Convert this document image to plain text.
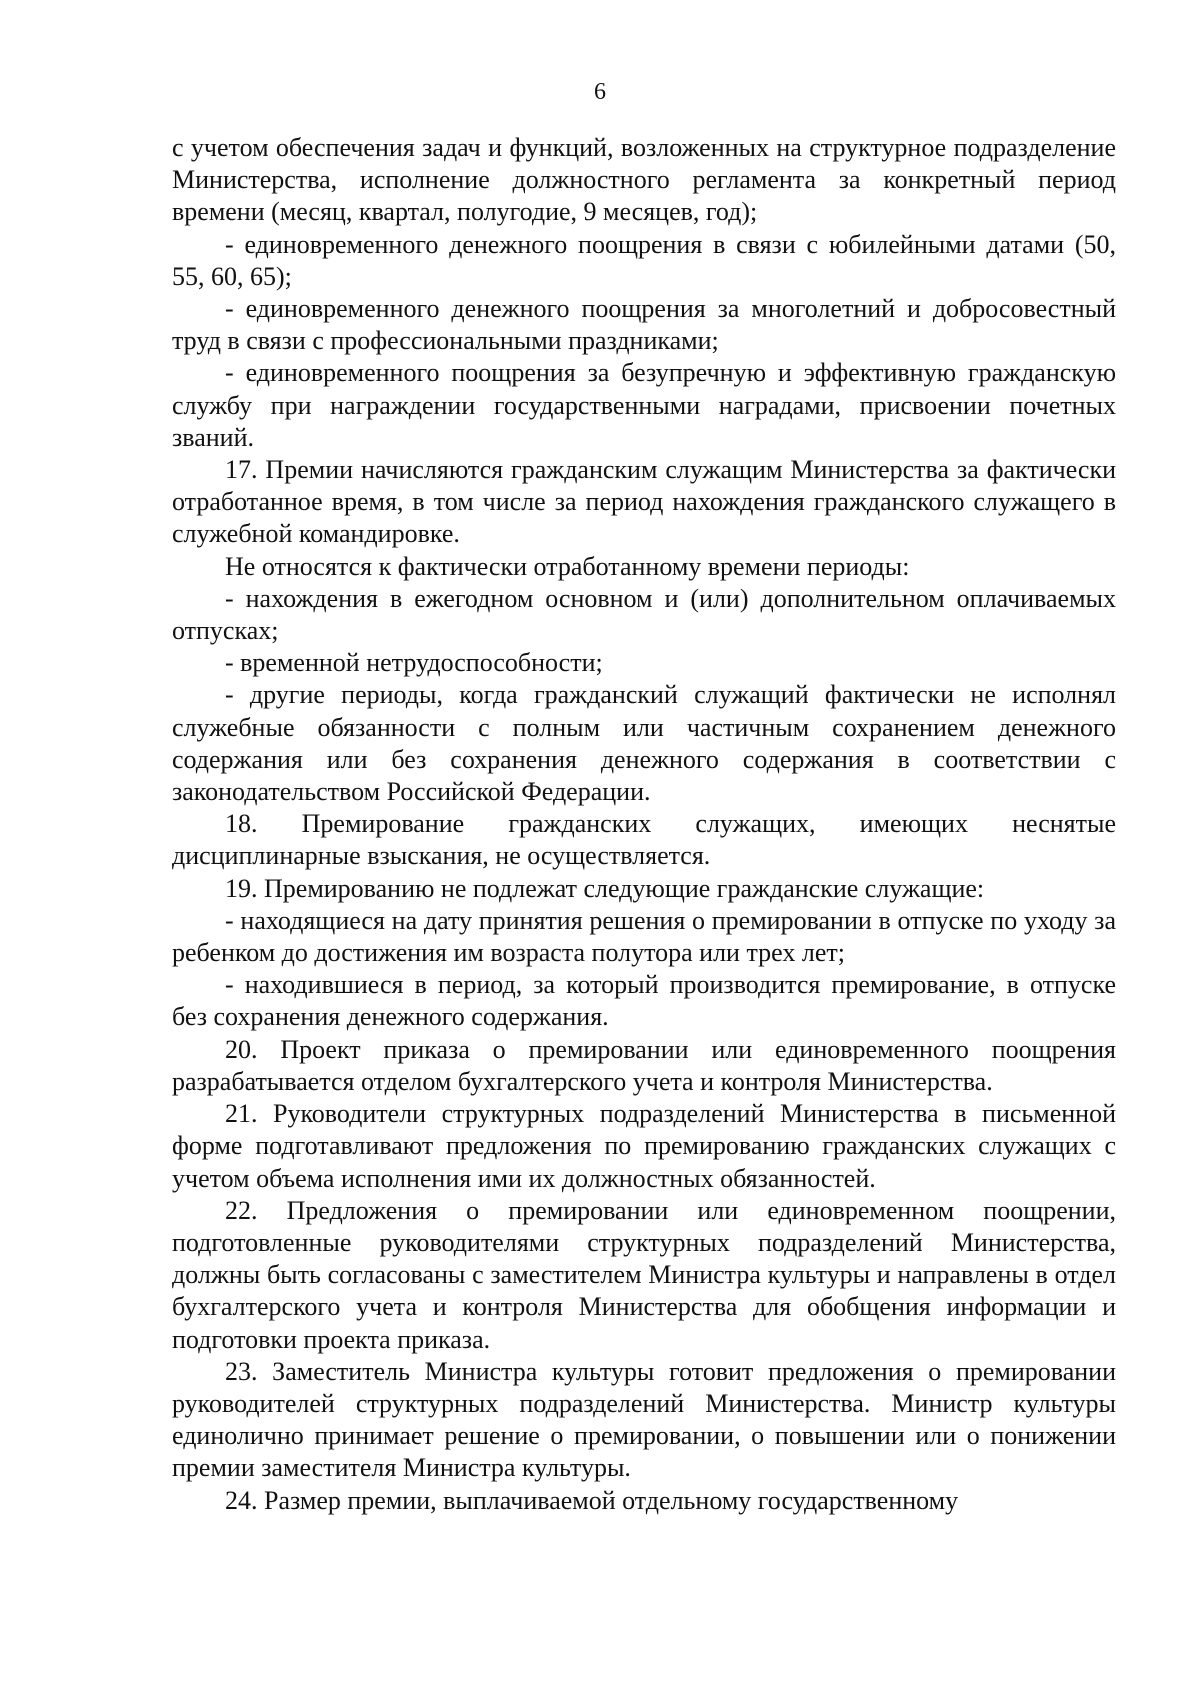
6

с учетом обеспечения задач и функций, возложенных на структурное подразделение Министерства, исполнение должностного регламента за конкретный период времени (месяц, квартал, полугодие, 9 месяцев, год);

- единовременного денежного поощрения в связи с юбилейными датами (50, 55, 60, 65);

- единовременного денежного поощрения за многолетний и добросовестный труд в связи с профессиональными праздниками;

- единовременного поощрения за безупречную и эффективную гражданскую службу при награждении государственными наградами, присвоении почетных званий.

17. Премии начисляются гражданским служащим Министерства за фактически отработанное время, в том числе за период нахождения гражданского служащего в служебной командировке.

Не относятся к фактически отработанному времени периоды:

- нахождения в ежегодном основном и (или) дополнительном оплачиваемых отпусках;

- временной нетрудоспособности;

- другие периоды, когда гражданский служащий фактически не исполнял служебные обязанности с полным или частичным сохранением денежного содержания или без сохранения денежного содержания в соответствии с законодательством Российской Федерации.

18. Премирование гражданских служащих, имеющих неснятые дисциплинарные взыскания, не осуществляется.

19. Премированию не подлежат следующие гражданские служащие:

- находящиеся на дату принятия решения о премировании в отпуске по уходу за ребенком до достижения им возраста полутора или трех лет;

- находившиеся в период, за который производится премирование, в отпуске без сохранения денежного содержания.

20. Проект приказа о премировании или единовременного поощрения разрабатывается отделом бухгалтерского учета и контроля Министерства.

21. Руководители структурных подразделений Министерства в письменной форме подготавливают предложения по премированию гражданских служащих с учетом объема исполнения ими их должностных обязанностей.

22. Предложения о премировании или единовременном поощрении, подготовленные руководителями структурных подразделений Министерства, должны быть согласованы с заместителем Министра культуры и направлены в отдел бухгалтерского учета и контроля Министерства для обобщения информации и подготовки проекта приказа.

23. Заместитель Министра культуры готовит предложения о премировании руководителей структурных подразделений Министерства. Министр культуры единолично принимает решение о премировании, о повышении или о понижении премии заместителя Министра культуры.

24. Размер премии, выплачиваемой отдельному государственному
